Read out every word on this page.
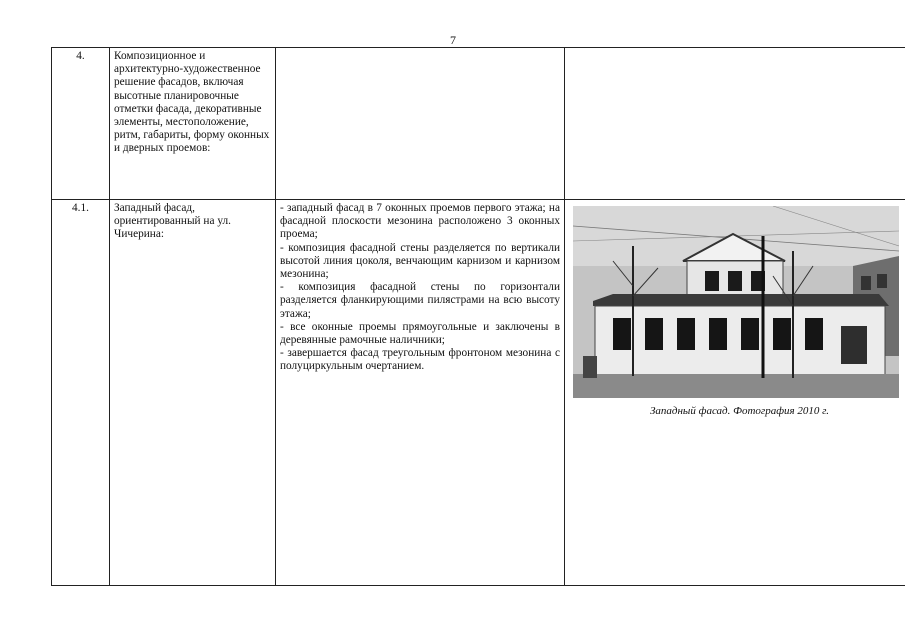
7
4.	Композиционное и архитектурно-художественное решение фасадов, включая высотные планировочные отметки фасада, декоративные элементы, местоположение, ритм, габариты, форму оконных и дверных проемов:		
4.1.	Западный фасад, ориентированный на ул. Чичерина:	- западный фасад в 7 оконных проемов первого этажа; на фасадной плоскости мезонина расположено 3 оконных проема;

- композиция фасадной стены разделяется по вертикали высотой линия цоколя, венчающим карнизом и карнизом мезонина;

- композиция фасадной стены по горизонтали разделяется фланкирующими пилястрами на всю высоту этажа;

- все оконные проемы прямоугольные и заключены в деревянные рамочные наличники;

- завершается фасад треугольным фронтоном мезонина с полуциркульным очертанием.	Западный фасад. Фотография 2010 г.
